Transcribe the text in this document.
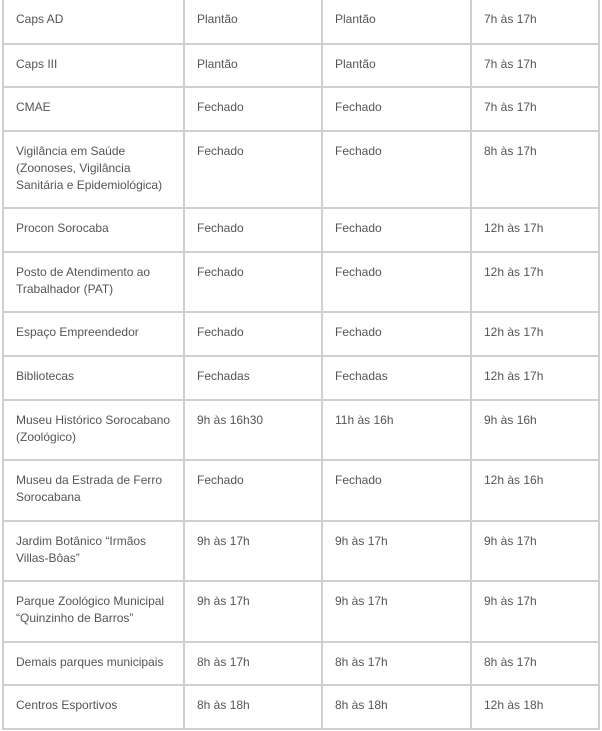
Caps AD	Plantão	Plantão	7h às 17h
Caps III	Plantão	Plantão	7h às 17h
CMAE	Fechado	Fechado	7h às 17h
Vigilância em Saúde (Zoonoses, Vigilância Sanitária e Epidemiológica)	Fechado	Fechado	8h às 17h
Procon Sorocaba	Fechado	Fechado	12h às 17h
Posto de Atendimento ao Trabalhador (PAT)	Fechado	Fechado	12h às 17h
Espaço Empreendedor	Fechado	Fechado	12h às 17h
Bibliotecas	Fechadas	Fechadas	12h às 17h
Museu Histórico Sorocabano (Zoológico)	9h às 16h30	11h às 16h	9h às 16h
Museu da Estrada de Ferro Sorocabana	Fechado	Fechado	12h às 16h
Jardim Botânico “Irmãos Villas-Bôas”	9h às 17h	9h às 17h	9h às 17h
Parque Zoológico Municipal “Quinzinho de Barros”	9h às 17h	9h às 17h	9h às 17h
Demais parques municipais	8h às 17h	8h às 17h	8h às 17h
Centros Esportivos	8h às 18h	8h às 18h	12h às 18h
